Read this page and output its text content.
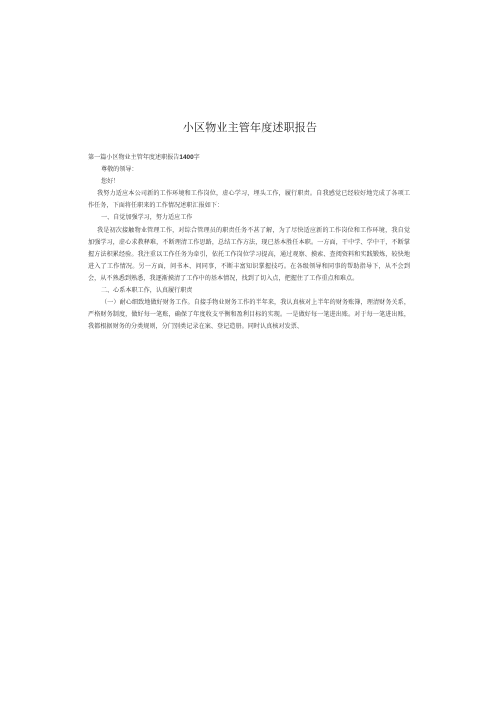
小区物业主管年度述职报告

第一篇小区物业主管年度述职报告1400字

尊敬的领导：

您好！

我努力适应本公司新的工作环境和工作岗位，虚心学习，埋头工作，履行职责。自我感觉已经较好地完成了各项工作任务，下面将任职来的工作情况述职汇报如下：

一、自觉加强学习，努力适应工作

我是初次接触物业管理工作，对综合管理员的职责任务不甚了解，为了尽快适应新的工作岗位和工作环境，我自觉加强学习，虚心求教释难，不断理清工作思路，总结工作方法，现已基本胜任本职。一方面，干中学、学中干，不断掌握方法积累经验。我注重以工作任务为牵引，依托工作岗位学习提高，通过观察、摸索、查阅资料和实践锻炼，较快地进入了工作情况。另一方面，问书本、问同事，不断丰富知识掌握技巧。在各级领导和同事的帮助指导下，从不会到会，从不熟悉到熟悉，我逐渐摸清了工作中的基本情况，找到了切入点，把握住了工作重点和难点。

二、心系本职工作，认真履行职责

（一）耐心细致地做好财务工作。自接手物业财务工作的半年来，我认真核对上半年的财务账簿，理清财务关系，严格财务制度，做好每一笔账，确保了年度收支平衡和盈利目标的实现。一是做好每一笔进出账。对于每一笔进出账，我都根据财务的分类规则，分门别类记录在案、登记造册。同时认真核对发票、
